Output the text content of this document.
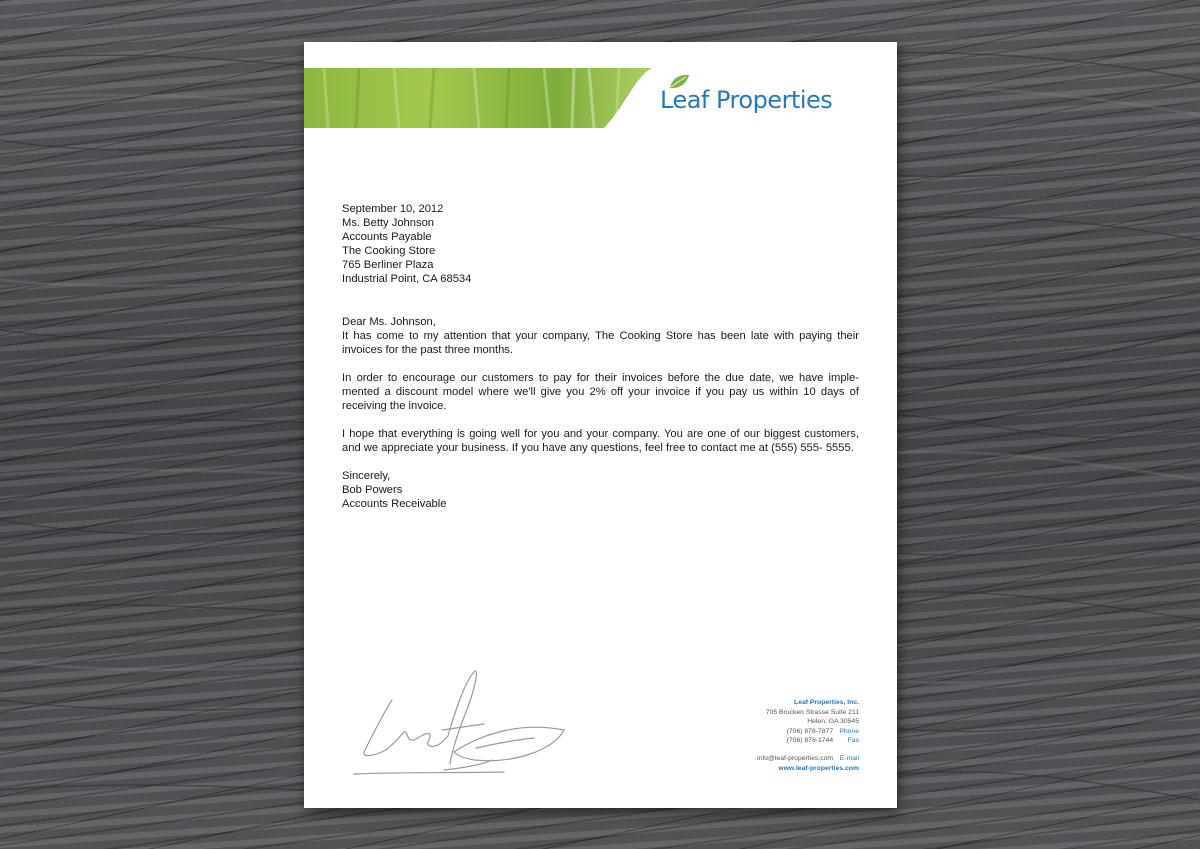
Leaf Properties

September 10, 2012

Ms. Betty Johnson

Accounts Payable

The Cooking Store

765 Berliner Plaza

Industrial Point, CA 68534

Dear Ms. Johnson,

It has come to my attention that your company, The Cooking Store has been late with paying their invoices for the past three months.

In order to encourage our customers to pay for their invoices before the due date, we have imple- mented a discount model where we'll give you 2% off your invoice if you pay us within 10 days of receiving the invoice.

I hope that everything is going well for you and your company. You are one of our biggest customers, and we appreciate your business. If you have any questions, feel free to contact me at (555) 555- 5555.

Sincerely,

Bob Powers

Accounts Receivable

Leaf Properties, Inc.
705 Brucken Strasse Suite 211
Helen, GA 30545
(706) 878-7877 Phone
(706) 878-1744 Fax
info@leaf-properties.com E-mail
www.leaf-properties.com
